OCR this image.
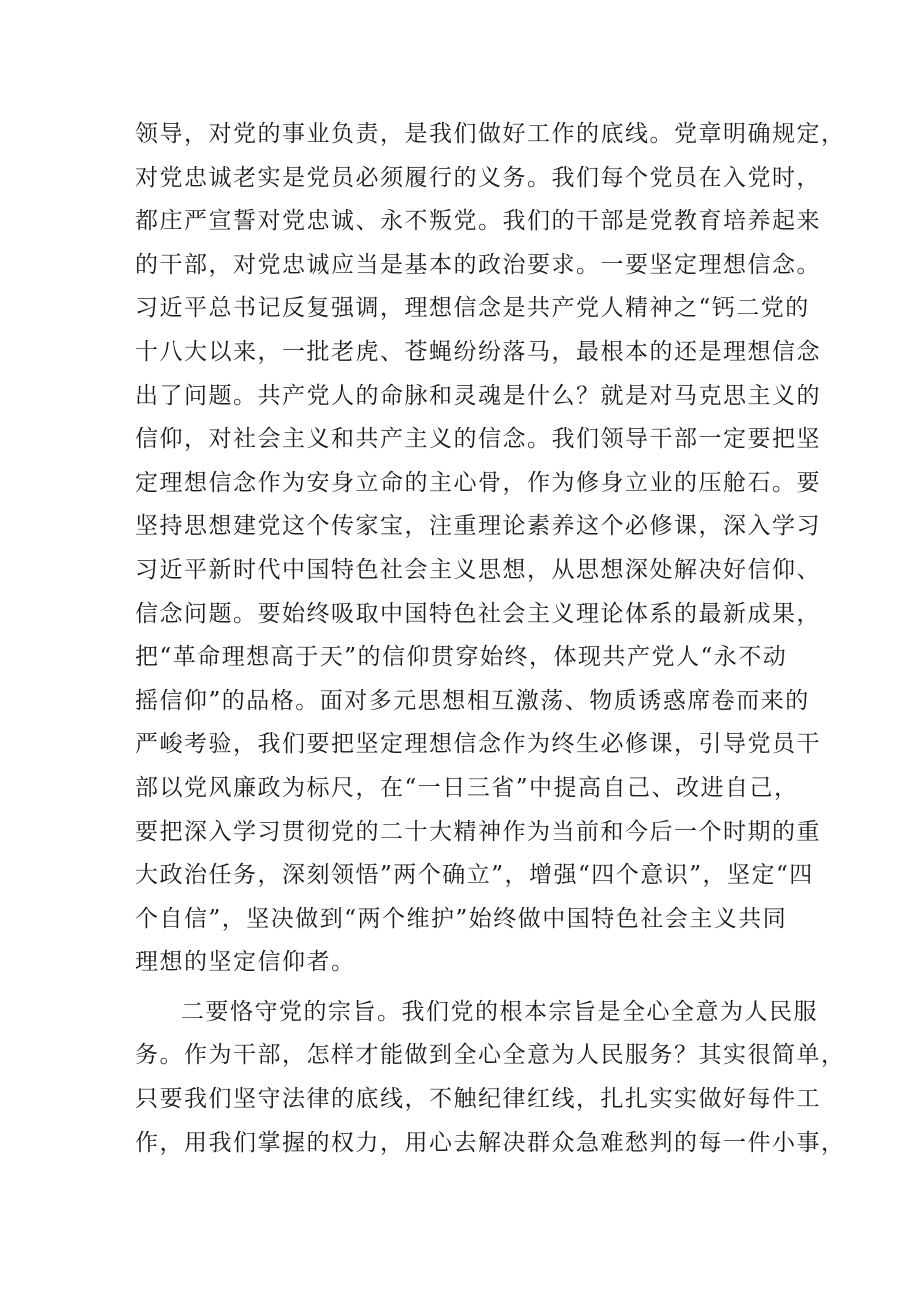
领导，对党的事业负责，是我们做好工作的底线。党章明确规定，
对党忠诚老实是党员必须履行的义务。我们每个党员在入党时，
都庄严宣誓对党忠诚、永不叛党。我们的干部是党教育培养起来
的干部，对党忠诚应当是基本的政治要求。一要坚定理想信念。
习近平总书记反复强调，理想信念是共产党人精神之“钙二党的
十八大以来，一批老虎、苍蝇纷纷落马，最根本的还是理想信念
出了问题。共产党人的命脉和灵魂是什么？就是对马克思主义的
信仰，对社会主义和共产主义的信念。我们领导干部一定要把坚
定理想信念作为安身立命的主心骨，作为修身立业的压舱石。要
坚持思想建党这个传家宝，注重理论素养这个必修课，深入学习
习近平新时代中国特色社会主义思想，从思想深处解决好信仰、
信念问题。要始终吸取中国特色社会主义理论体系的最新成果，
把“革命理想高于天”的信仰贯穿始终，体现共产党人“永不动
摇信仰”的品格。面对多元思想相互激荡、物质诱惑席卷而来的
严峻考验，我们要把坚定理想信念作为终生必修课，引导党员干
部以党风廉政为标尺，在“一日三省”中提高自己、改进自己，
要把深入学习贯彻党的二十大精神作为当前和今后一个时期的重
大政治任务，深刻领悟”两个确立”，增强“四个意识”，坚定“四
个自信”，坚决做到“两个维护”始终做中国特色社会主义共同
理想的坚定信仰者。
二要恪守党的宗旨。我们党的根本宗旨是全心全意为人民服
务。作为干部，怎样才能做到全心全意为人民服务？其实很简单，
只要我们坚守法律的底线，不触纪律红线，扎扎实实做好每件工
作，用我们掌握的权力，用心去解决群众急难愁判的每一件小事，
